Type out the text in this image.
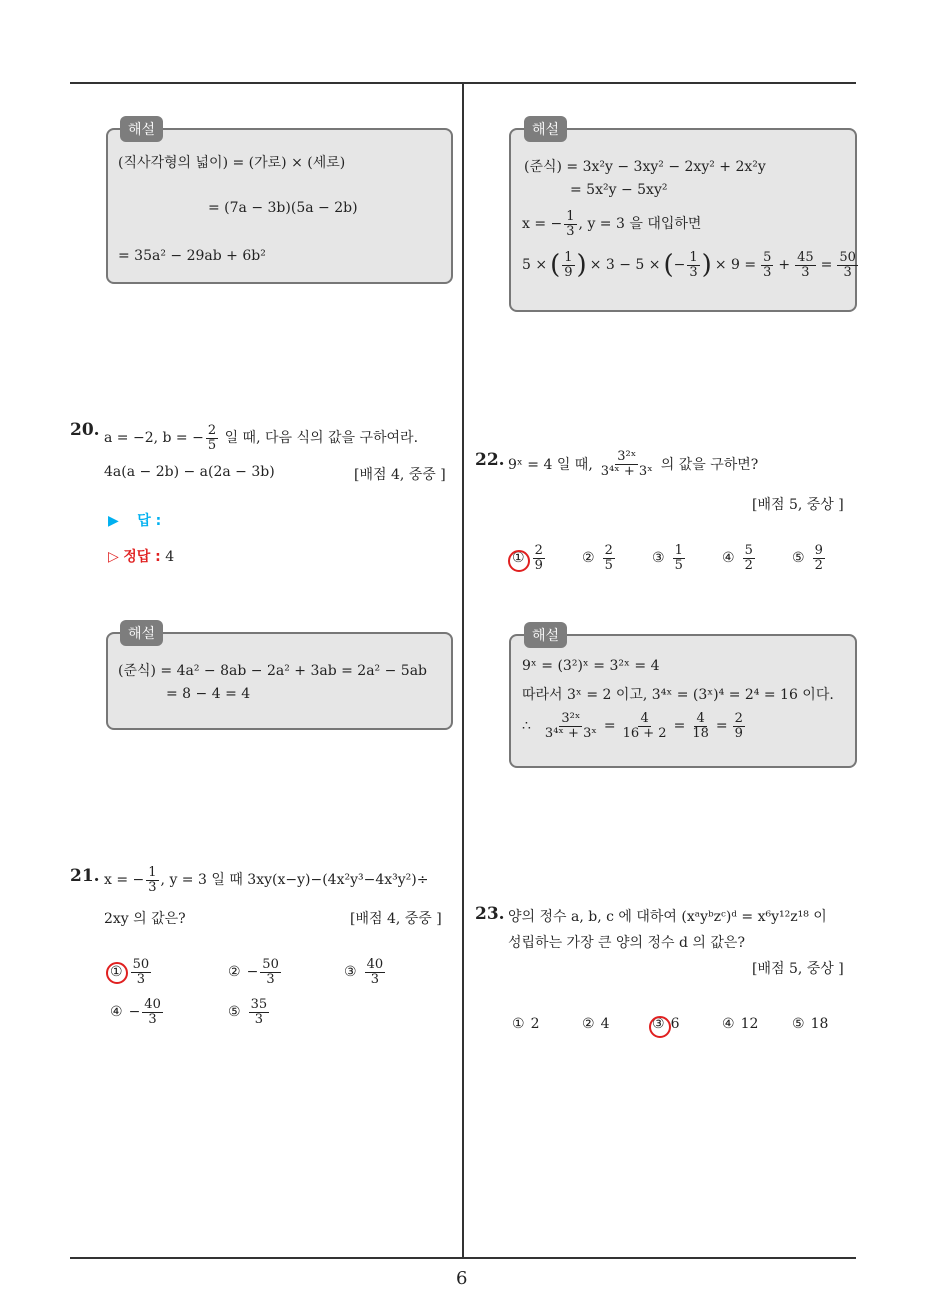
6
해설
(직사각형의 넓이) = (가로) × (세로)
= (7a − 3b)(5a − 2b)
= 35a² − 29ab + 6b²
20. a = −2, b = − $\frac{2}{5}$ 일 때, 다음 식의 값을 구하여라.
4a(a − 2b) − a(2a − 3b)	[배점 4, 중중 ]
▶ 답 :
▷ 정답 : 4
해설
(준식) = 4a² − 8ab − 2a² + 3ab = 2a² − 5ab
= 8 − 4 = 4
21. x = − $\frac{1}{3}$ , y = 3 일 때 3xy(x−y)−(4x²y³−4x³y²)÷
2xy 의 값은?	[배점 4, 중중 ]
① $\frac{50}{3}$	② − $\frac{50}{3}$	③ $\frac{40}{3}$
④ − $\frac{40}{3}$	⑤ $\frac{35}{3}$
해설
(준식) = 3x²y − 3xy² − 2xy² + 2x²y
= 5x²y − 5xy²
x = − $\frac{1}{3}$ , y = 3 을 대입하면
5 × ( $\frac{1}{9}$ ) × 3 − 5 × ( − $\frac{1}{3}$ ) × $9 = \frac{5}{3} + \frac{45}{3} = \frac{50}{3}$
22. 9ˣ = 4 일 때, $\frac{\text{3²ˣ}}{\text{3⁴ˣ + 3ˣ}}$ 의 값을 구하면?
[배점 5, 중상 ]
① $\frac{2}{9}$	② $\frac{2}{5}$	③ $\frac{1}{5}$	④ $\frac{5}{2}$	⑤ $\frac{9}{2}$
해설
9ˣ = (3²)ˣ = 3²ˣ = 4
따라서 3ˣ = 2 이고, 3⁴ˣ = (3ˣ)⁴ = 2⁴ = 16 이다.
∴ $\frac{\text{3²ˣ}}{\text{3⁴ˣ + 3ˣ}} = \frac{4}{16 + 2} = \frac{4}{18} = \frac{2}{9}$
23. 양의 정수 a, b, c 에 대하여 (xᵃyᵇzᶜ)ᵈ = x⁶y¹²z¹⁸ 이
성립하는 가장 큰 양의 정수 d 의 값은?
[배점 5, 중상 ]
① 2	② 4	③ 6	④ 12 ⑤ 18
